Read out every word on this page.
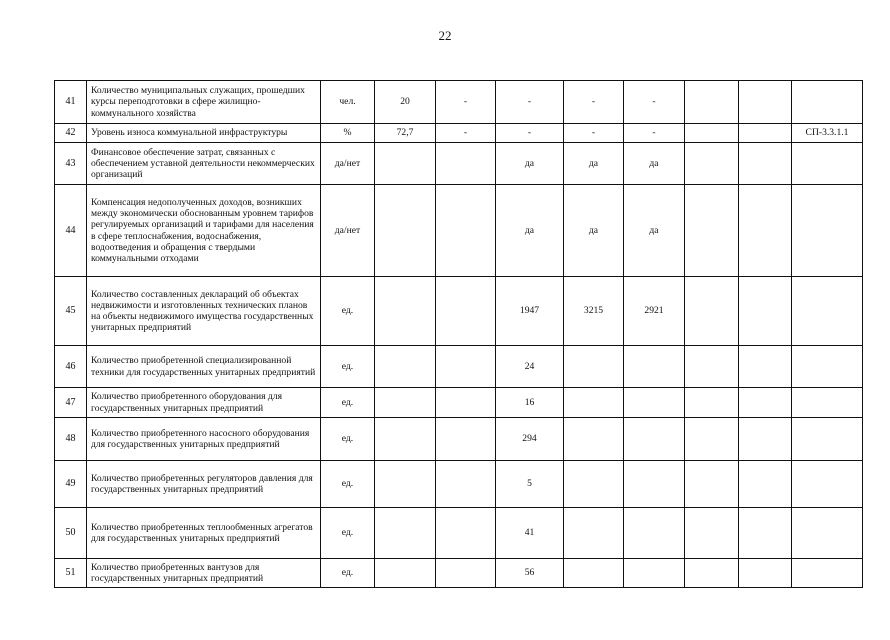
22
41	Количество муниципальных служащих, прошедших курсы переподготовки в сфере жилищно-коммунального хозяйства	чел.	20	-	-	-	-			
42	Уровень износа коммунальной инфраструктуры	%	72,7	-	-	-	-			СП-3.3.1.1
43	Финансовое обеспечение затрат, связанных с обеспечением уставной деятельности некоммерческих организаций	да/нет			да	да	да			
44	Компенсация недополученных доходов, возникших между экономически обоснованным уровнем тарифов регулируемых организаций и тарифами для населения в сфере теплоснабжения, водоснабжения, водоотведения и обращения с твердыми коммунальными отходами	да/нет			да	да	да			
45	Количество составленных деклараций об объектах недвижимости и изготовленных технических планов на объекты недвижимого имущества государственных унитарных предприятий	ед.			1947	3215	2921			
46	Количество приобретенной специализированной техники для государственных унитарных предприятий	ед.			24					
47	Количество приобретенного оборудования для государственных унитарных предприятий	ед.			16					
48	Количество приобретенного насосного оборудования для государственных унитарных предприятий	ед.			294					
49	Количество приобретенных регуляторов давления для государственных унитарных предприятий	ед.			5					
50	Количество приобретенных теплообменных агрегатов для государственных унитарных предприятий	ед.			41					
51	Количество приобретенных вантузов для государственных унитарных предприятий	ед.			56					
